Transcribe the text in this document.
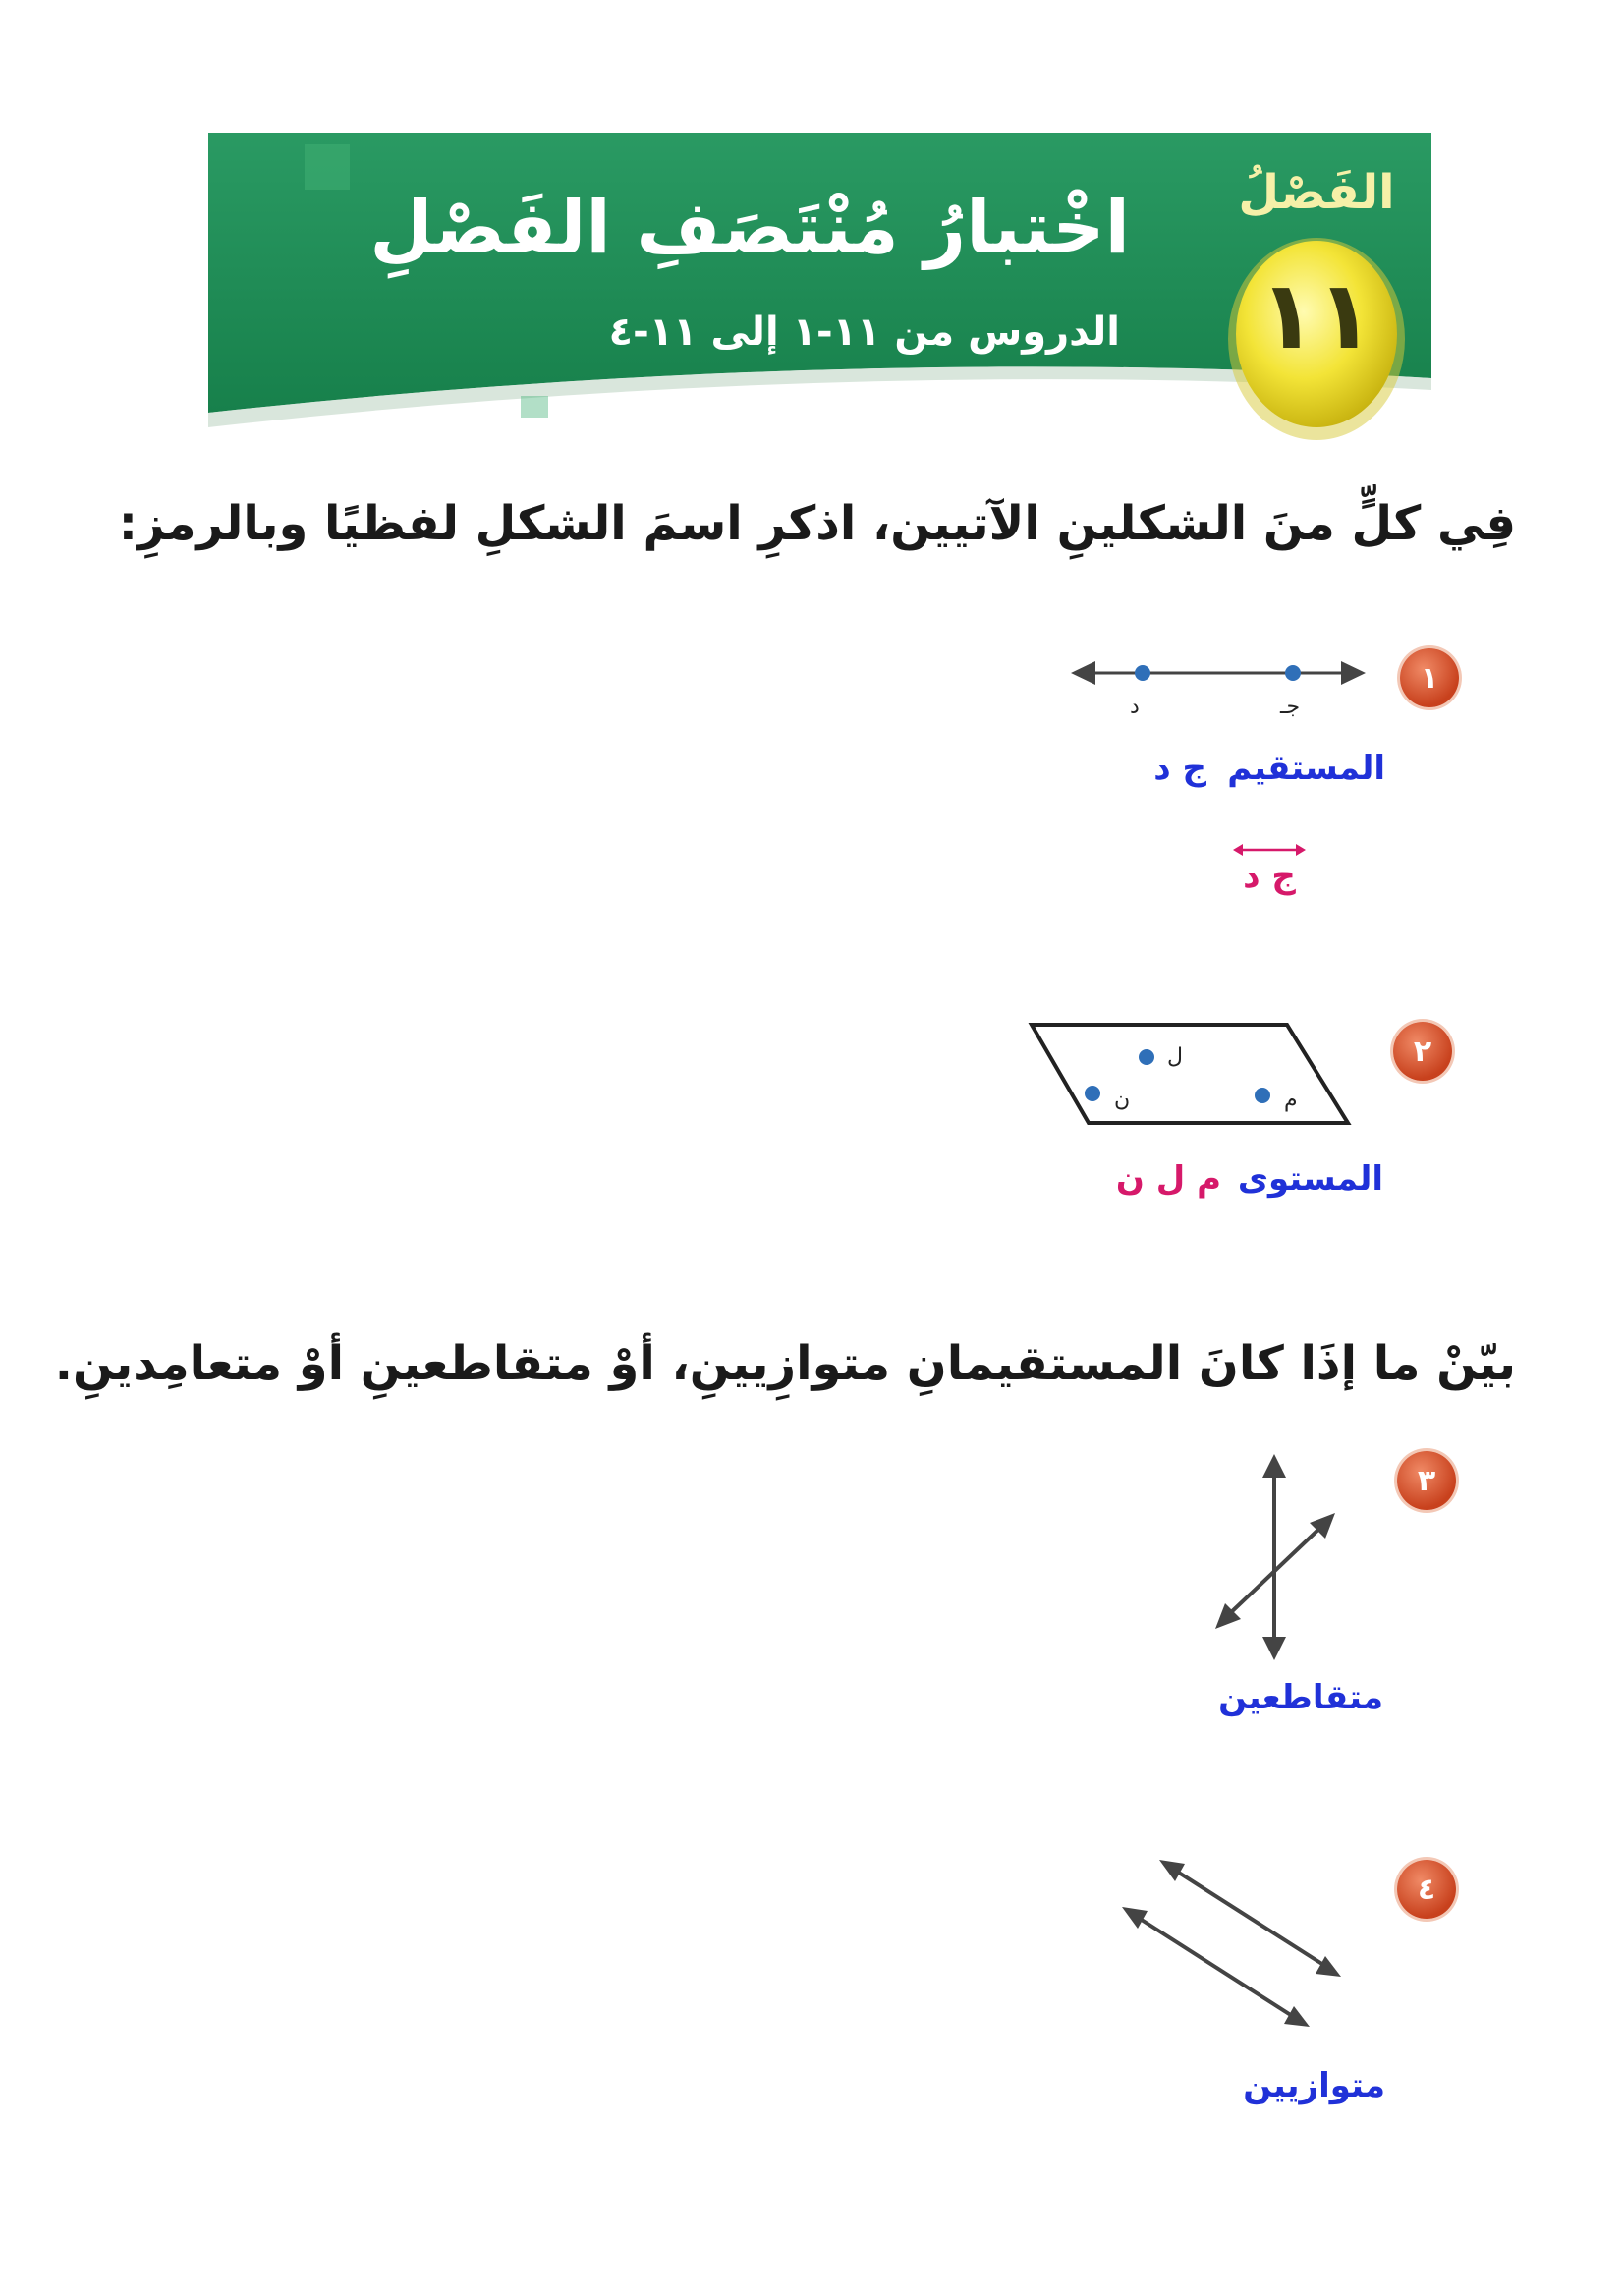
الفَصْلُ
١١
اخْتبارُ مُنْتَصَفِ الفَصْلِ
الدروس من ١١-١ إلى ١١-٤
فِي كلٍّ منَ الشكلينِ الآتيين، اذكرِ اسمَ الشكلِ لفظيًا وبالرمزِ:
١
د	جـ
المستقيم
ج د
ج د
٢
ل
ن	م
المستوى
م ل ن
بيّنْ ما إذَا كانَ المستقيمانِ متوازِيينِ، أوْ متقاطعينِ أوْ متعامِدينِ.
٣
متقاطعين
٤
متوازيين
